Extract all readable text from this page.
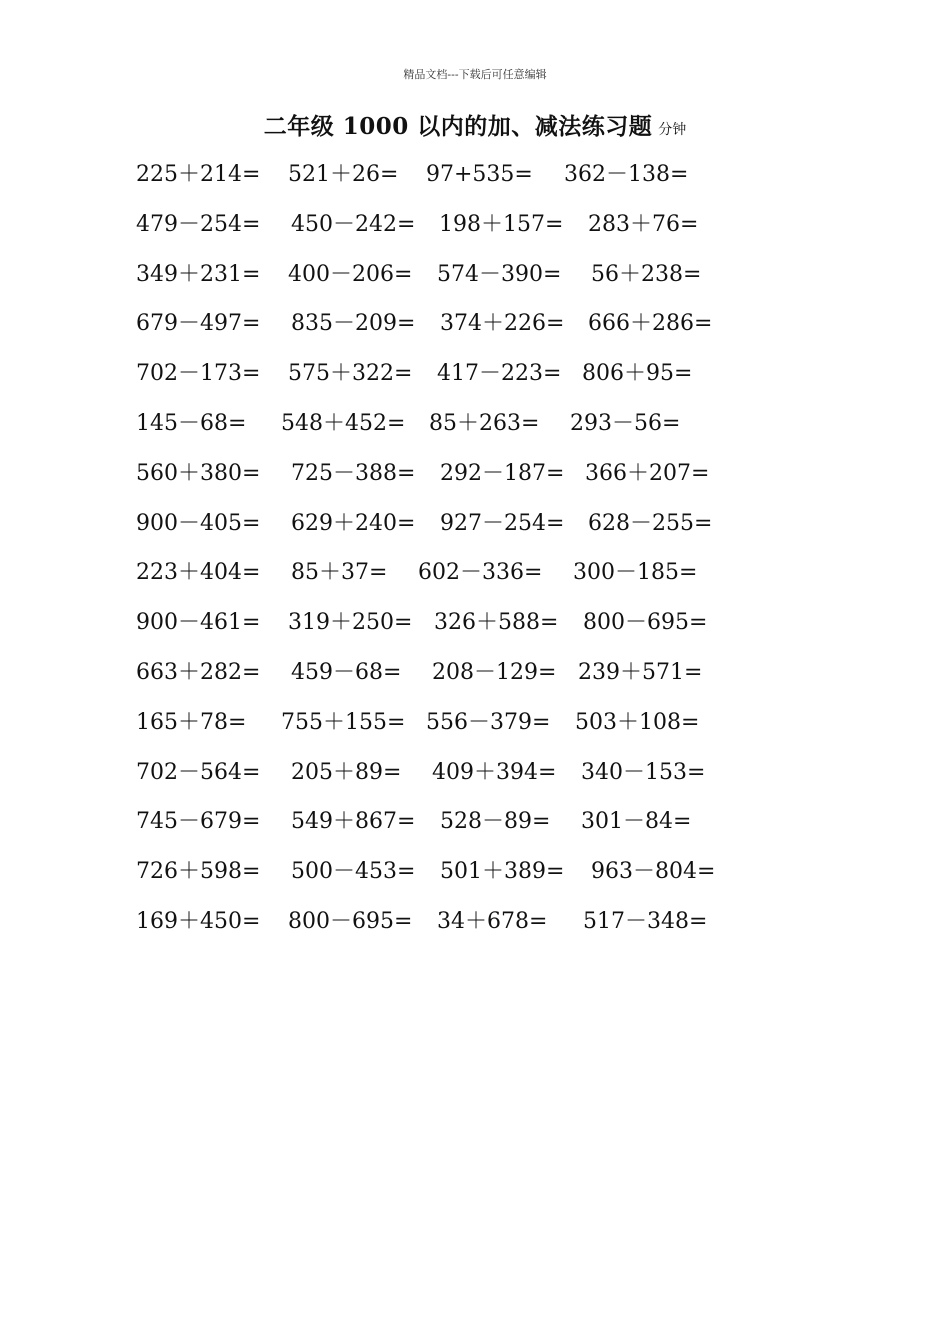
精品文档---下载后可任意编辑
二年级 1000 以内的加、减法练习题 分钟
225＋214= 521＋26= 97+535= 362－138=
479－254= 450－242= 198＋157= 283＋76=
349＋231= 400－206= 574－390= 56＋238=
679－497= 835－209= 374＋226= 666＋286=
702－173= 575＋322= 417－223= 806＋95=
145－68= 548＋452= 85＋263= 293－56=
560＋380= 725－388= 292－187= 366＋207=
900－405= 629＋240= 927－254= 628－255=
223＋404= 85＋37= 602－336= 300－185=
900－461= 319＋250= 326＋588= 800－695=
663＋282= 459－68= 208－129= 239＋571=
165＋78= 755＋155= 556－379= 503＋108=
702－564= 205＋89= 409＋394= 340－153=
745－679= 549＋867= 528－89= 301－84=
726＋598= 500－453= 501＋389= 963－804=
169＋450= 800－695= 34＋678= 517－348=
